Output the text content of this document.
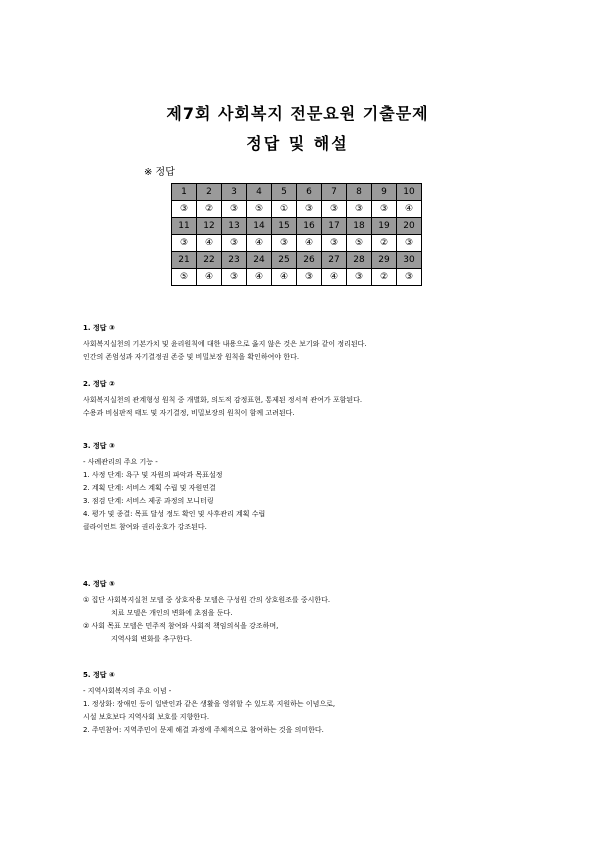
제7회 사회복지 전문요원 기출문제
정답 및 해설
※ 정답
1	2	3	4	5	6	7	8	9	10
③	②	③	⑤	①	③	③	③	③	④
11	12	13	14	15	16	17	18	19	20
③	④	③	④	③	④	③	⑤	②	③
21	22	23	24	25	26	27	28	29	30
⑤	④	③	④	④	③	④	③	②	③
1. 정답 ③

사회복지실천의 기본가치 및 윤리원칙에 대한 내용으로 옳지 않은 것은 보기와 같이 정리된다.

인간의 존엄성과 자기결정권 존중 및 비밀보장 원칙을 확인하여야 한다.

2. 정답 ②

사회복지실천의 관계형성 원칙 중 개별화, 의도적 감정표현, 통제된 정서적 관여가 포함된다.

수용과 비심판적 태도 및 자기결정, 비밀보장의 원칙이 함께 고려된다.

3. 정답 ③

- 사례관리의 주요 기능 -

1. 사정 단계: 욕구 및 자원의 파악과 목표설정

2. 계획 단계: 서비스 계획 수립 및 자원연결

3. 점검 단계: 서비스 제공 과정의 모니터링

4. 평가 및 종결: 목표 달성 정도 확인 및 사후관리 계획 수립

클라이언트 참여와 권리옹호가 강조된다.

4. 정답 ⑤

① 집단 사회복지실천 모델 중 상호작용 모델은 구성원 간의 상호원조를 중시한다.

치료 모델은 개인의 변화에 초점을 둔다.

② 사회 목표 모델은 민주적 참여와 사회적 책임의식을 강조하며,

지역사회 변화를 추구한다.

5. 정답 ④

- 지역사회복지의 주요 이념 -

1. 정상화: 장애인 등이 일반인과 같은 생활을 영위할 수 있도록 지원하는 이념으로,

시설 보호보다 지역사회 보호를 지향한다.

2. 주민참여: 지역주민이 문제 해결 과정에 주체적으로 참여하는 것을 의미한다.
